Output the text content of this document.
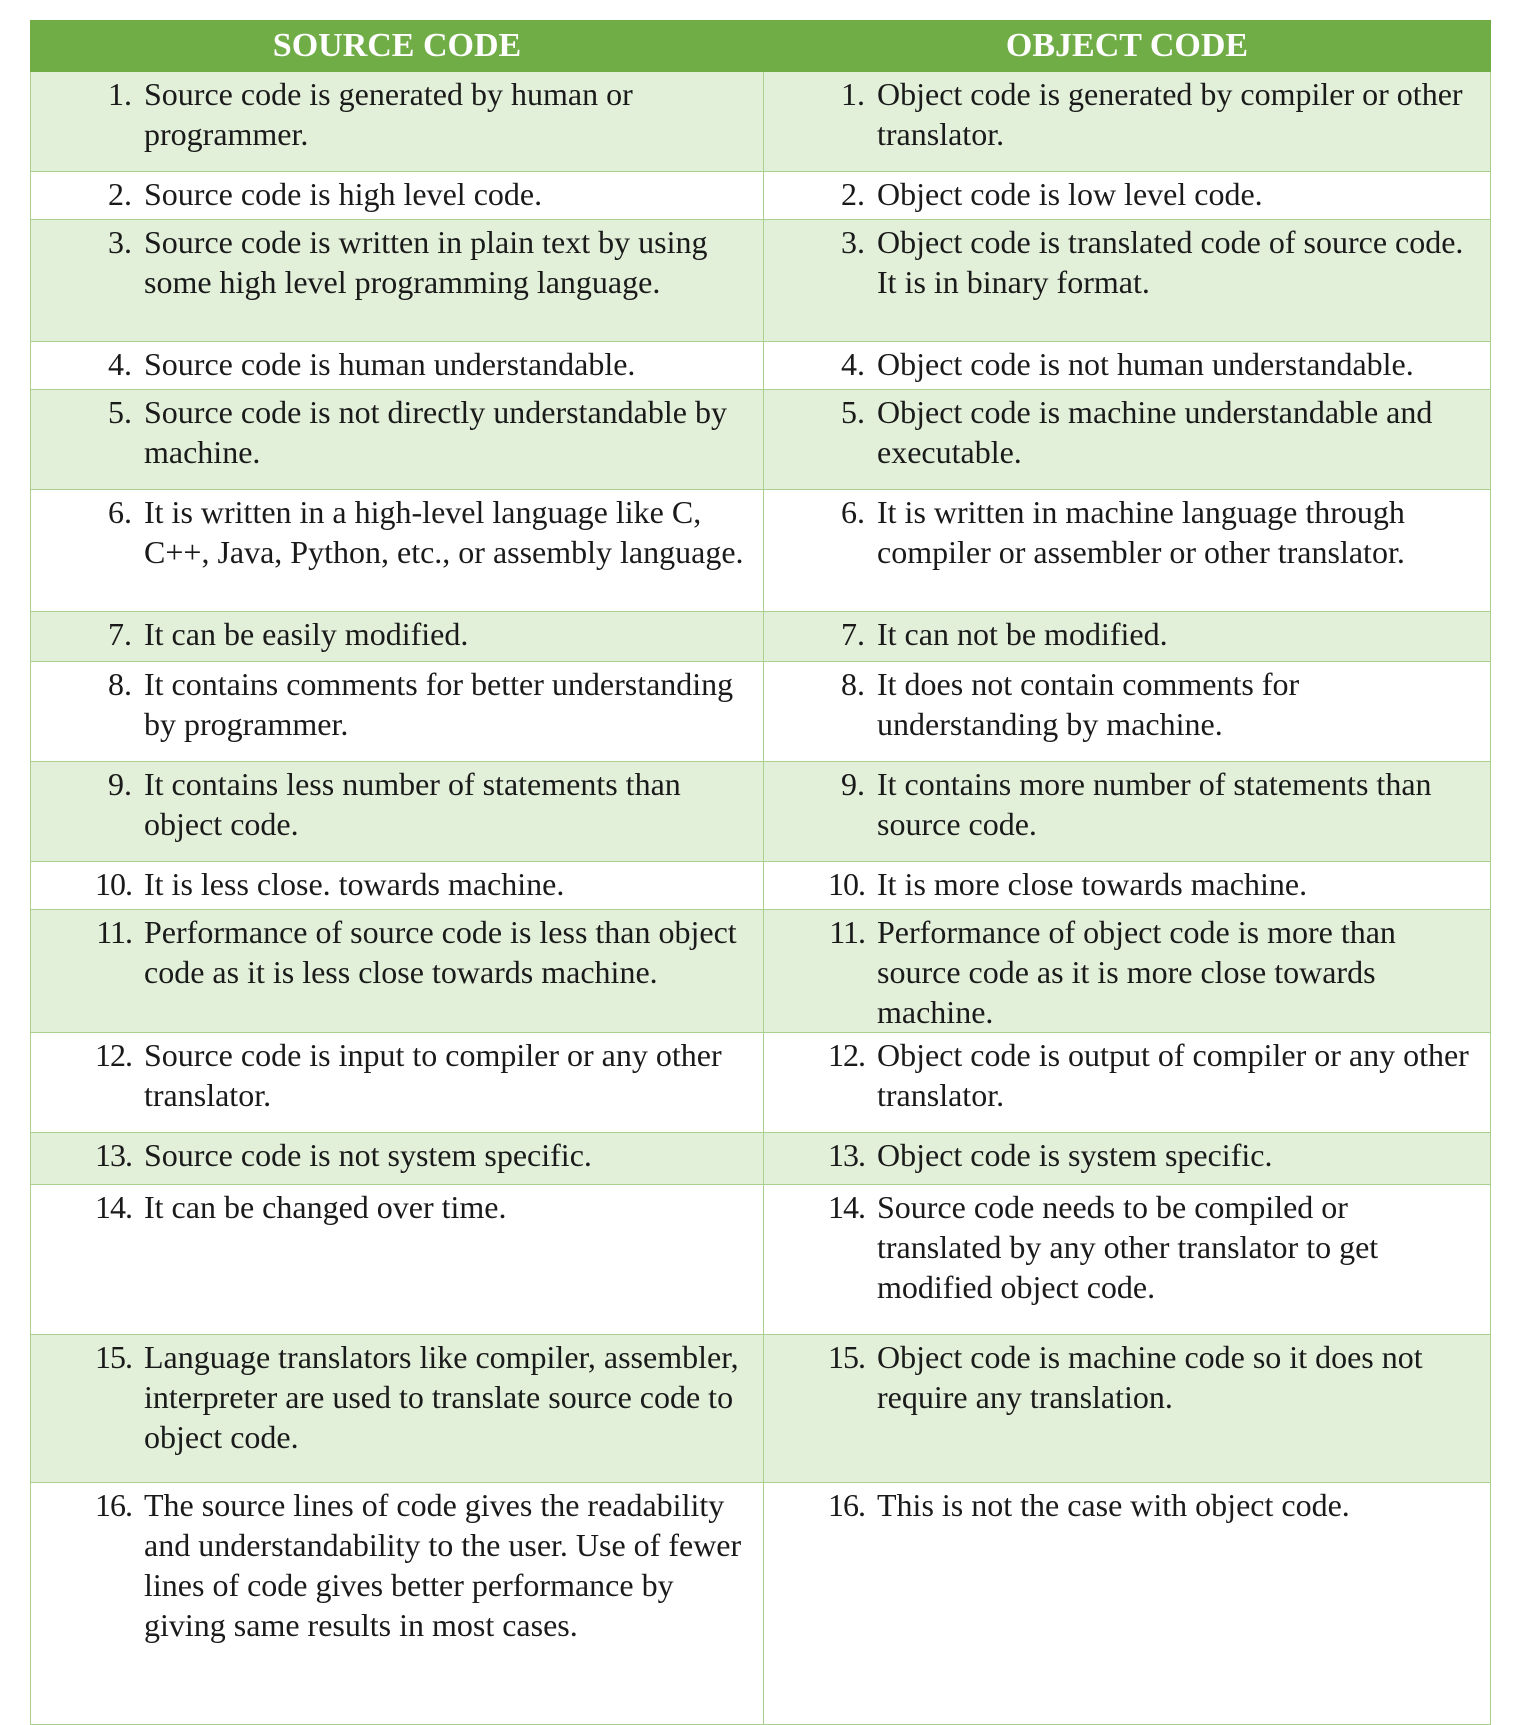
SOURCE CODE	OBJECT CODE

1. Source code is generated by human or programmer.	1. Object code is generated by compiler or other translator.

2. Source code is high level code.	2. Object code is low level code.

3. Source code is written in plain text by using some high level programming language.	3. Object code is translated code of source code. It is in binary format.

4. Source code is human understandable.	4. Object code is not human understandable.

5. Source code is not directly understandable by machine.	5. Object code is machine understandable and executable.

6. It is written in a high-level language like C, C++, Java, Python, etc., or assembly language.	6. It is written in machine language through compiler or assembler or other translator.

7. It can be easily modified.	7. It can not be modified.

8. It contains comments for better understanding by programmer.	8. It does not contain comments for understanding by machine.

9. It contains less number of statements than object code.	9. It contains more number of statements than source code.

10. It is less close. towards machine.	10. It is more close towards machine.

11. Performance of source code is less than object code as it is less close towards machine.	11. Performance of object code is more than source code as it is more close towards machine.

12. Source code is input to compiler or any other translator.	12. Object code is output of compiler or any other translator.

13. Source code is not system specific.	13. Object code is system specific.

14. It can be changed over time.	14. Source code needs to be compiled or translated by any other translator to get modified object code.

15. Language translators like compiler, assembler, interpreter are used to translate source code to object code.	15. Object code is machine code so it does not require any translation.

16. The source lines of code gives the readability and understandability to the user. Use of fewer lines of code gives better performance by giving same results in most cases.	16. This is not the case with object code.
